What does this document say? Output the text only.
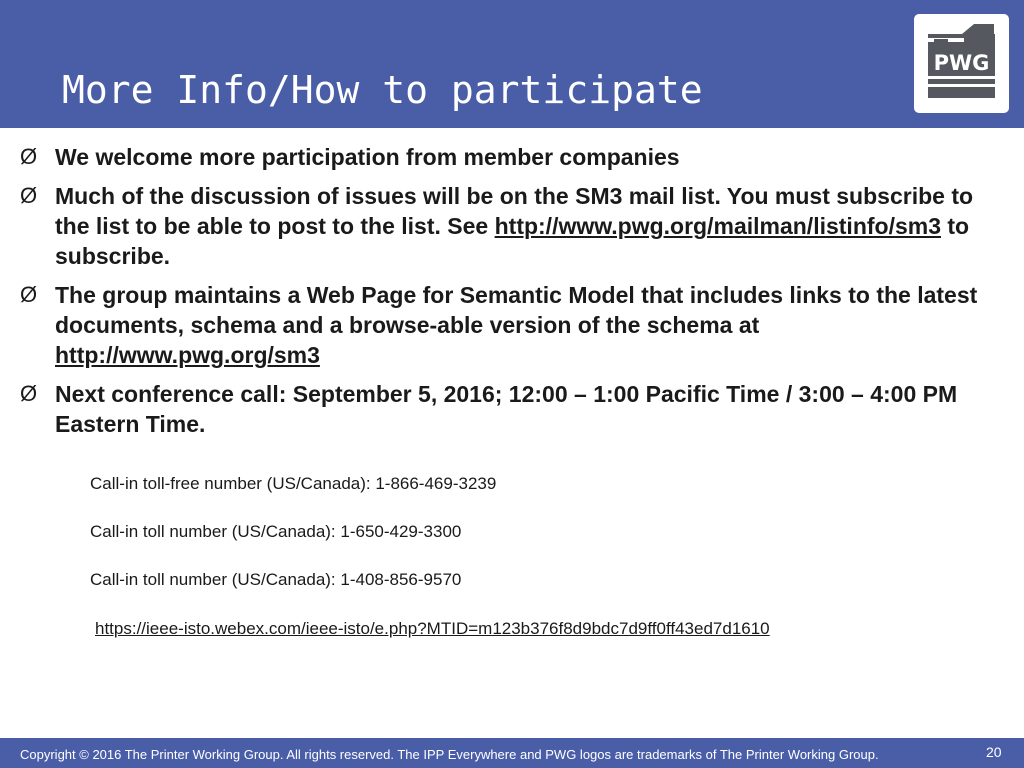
More Info/How to participate
PWG
Ø We welcome more participation from member companies
Ø Much of the discussion of issues will be on the SM3 mail list. You must subscribe to the list to be able to post to the list. See http://www.pwg.org/mailman/listinfo/sm3 to subscribe.
Ø The group maintains a Web Page for Semantic Model that includes links to the latest documents, schema and a browse-able version of the schema at http://www.pwg.org/sm3
Ø Next conference call: September 5, 2016; 12:00 – 1:00 Pacific Time / 3:00 – 4:00 PM Eastern Time.
Call-in toll-free number (US/Canada): 1-866-469-3239
Call-in toll number (US/Canada): 1-650-429-3300
Call-in toll number (US/Canada): 1-408-856-9570
https://ieee-isto.webex.com/ieee-isto/e.php?MTID=m123b376f8d9bdc7d9ff0ff43ed7d1610
Copyright © 2016 The Printer Working Group. All rights reserved. The IPP Everywhere and PWG logos are trademarks of The Printer Working Group.	20
